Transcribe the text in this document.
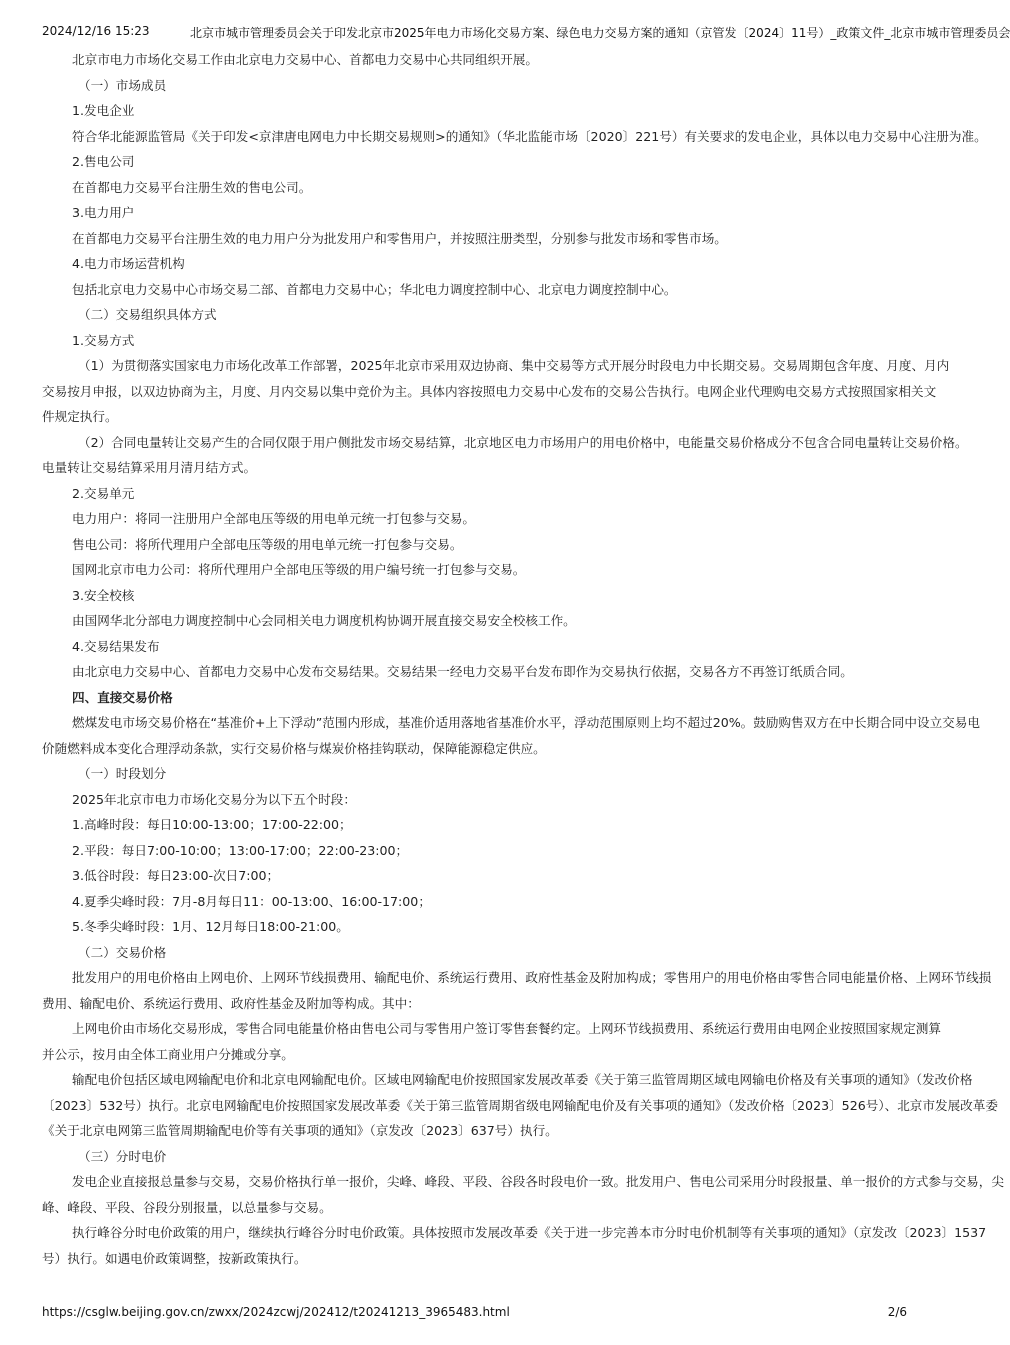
2024/12/16 15:23	北京市城市管理委员会关于印发北京市2025年电力市场化交易方案、绿色电力交易方案的通知（京管发〔2024〕11号）_政策文件_北京市城市管理委员会
北京市电力市场化交易工作由北京电力交易中心、首都电力交易中心共同组织开展。
（一）市场成员
1.发电企业
符合华北能源监管局《关于印发<京津唐电网电力中长期交易规则>的通知》（华北监能市场〔2020〕221号）有关要求的发电企业，具体以电力交易中心注册为准。
2.售电公司
在首都电力交易平台注册生效的售电公司。
3.电力用户
在首都电力交易平台注册生效的电力用户分为批发用户和零售用户，并按照注册类型，分别参与批发市场和零售市场。
4.电力市场运营机构
包括北京电力交易中心市场交易二部、首都电力交易中心；华北电力调度控制中心、北京电力调度控制中心。
（二）交易组织具体方式
1.交易方式
（1）为贯彻落实国家电力市场化改革工作部署，2025年北京市采用双边协商、集中交易等方式开展分时段电力中长期交易。交易周期包含年度、月度、月内
交易按月申报，以双边协商为主，月度、月内交易以集中竞价为主。具体内容按照电力交易中心发布的交易公告执行。电网企业代理购电交易方式按照国家相关文
件规定执行。
（2）合同电量转让交易产生的合同仅限于用户侧批发市场交易结算，北京地区电力市场用户的用电价格中，电能量交易价格成分不包含合同电量转让交易价格。
电量转让交易结算采用月清月结方式。
2.交易单元
电力用户：将同一注册用户全部电压等级的用电单元统一打包参与交易。
售电公司：将所代理用户全部电压等级的用电单元统一打包参与交易。
国网北京市电力公司：将所代理用户全部电压等级的用户编号统一打包参与交易。
3.安全校核
由国网华北分部电力调度控制中心会同相关电力调度机构协调开展直接交易安全校核工作。
4.交易结果发布
由北京电力交易中心、首都电力交易中心发布交易结果。交易结果一经电力交易平台发布即作为交易执行依据，交易各方不再签订纸质合同。
四、直接交易价格
燃煤发电市场交易价格在“基准价+上下浮动”范围内形成，基准价适用落地省基准价水平，浮动范围原则上均不超过20%。鼓励购售双方在中长期合同中设立交易电
价随燃料成本变化合理浮动条款，实行交易价格与煤炭价格挂钩联动，保障能源稳定供应。
（一）时段划分
2025年北京市电力市场化交易分为以下五个时段：
1.高峰时段：每日10:00-13:00；17:00-22:00；
2.平段：每日7:00-10:00；13:00-17:00；22:00-23:00；
3.低谷时段：每日23:00-次日7:00；
4.夏季尖峰时段：7月-8月每日11：00-13:00、16:00-17:00；
5.冬季尖峰时段：1月、12月每日18:00-21:00。
（二）交易价格
批发用户的用电价格由上网电价、上网环节线损费用、输配电价、系统运行费用、政府性基金及附加构成；零售用户的用电价格由零售合同电能量价格、上网环节线损
费用、输配电价、系统运行费用、政府性基金及附加等构成。其中：
上网电价由市场化交易形成，零售合同电能量价格由售电公司与零售用户签订零售套餐约定。上网环节线损费用、系统运行费用由电网企业按照国家规定测算
并公示，按月由全体工商业用户分摊或分享。
输配电价包括区域电网输配电价和北京电网输配电价。区域电网输配电价按照国家发展改革委《关于第三监管周期区域电网输电价格及有关事项的通知》（发改价格
〔2023〕532号）执行。北京电网输配电价按照国家发展改革委《关于第三监管周期省级电网输配电价及有关事项的通知》（发改价格〔2023〕526号）、北京市发展改革委
《关于北京电网第三监管周期输配电价等有关事项的通知》（京发改〔2023〕637号）执行。
（三）分时电价
发电企业直接报总量参与交易，交易价格执行单一报价，尖峰、峰段、平段、谷段各时段电价一致。批发用户、售电公司采用分时段报量、单一报价的方式参与交易，尖
峰、峰段、平段、谷段分别报量，以总量参与交易。
执行峰谷分时电价政策的用户，继续执行峰谷分时电价政策。具体按照市发展改革委《关于进一步完善本市分时电价机制等有关事项的通知》（京发改〔2023〕1537
号）执行。如遇电价政策调整，按新政策执行。
https://csglw.beijing.gov.cn/zwxx/2024zcwj/202412/t20241213_3965483.html	2/6
